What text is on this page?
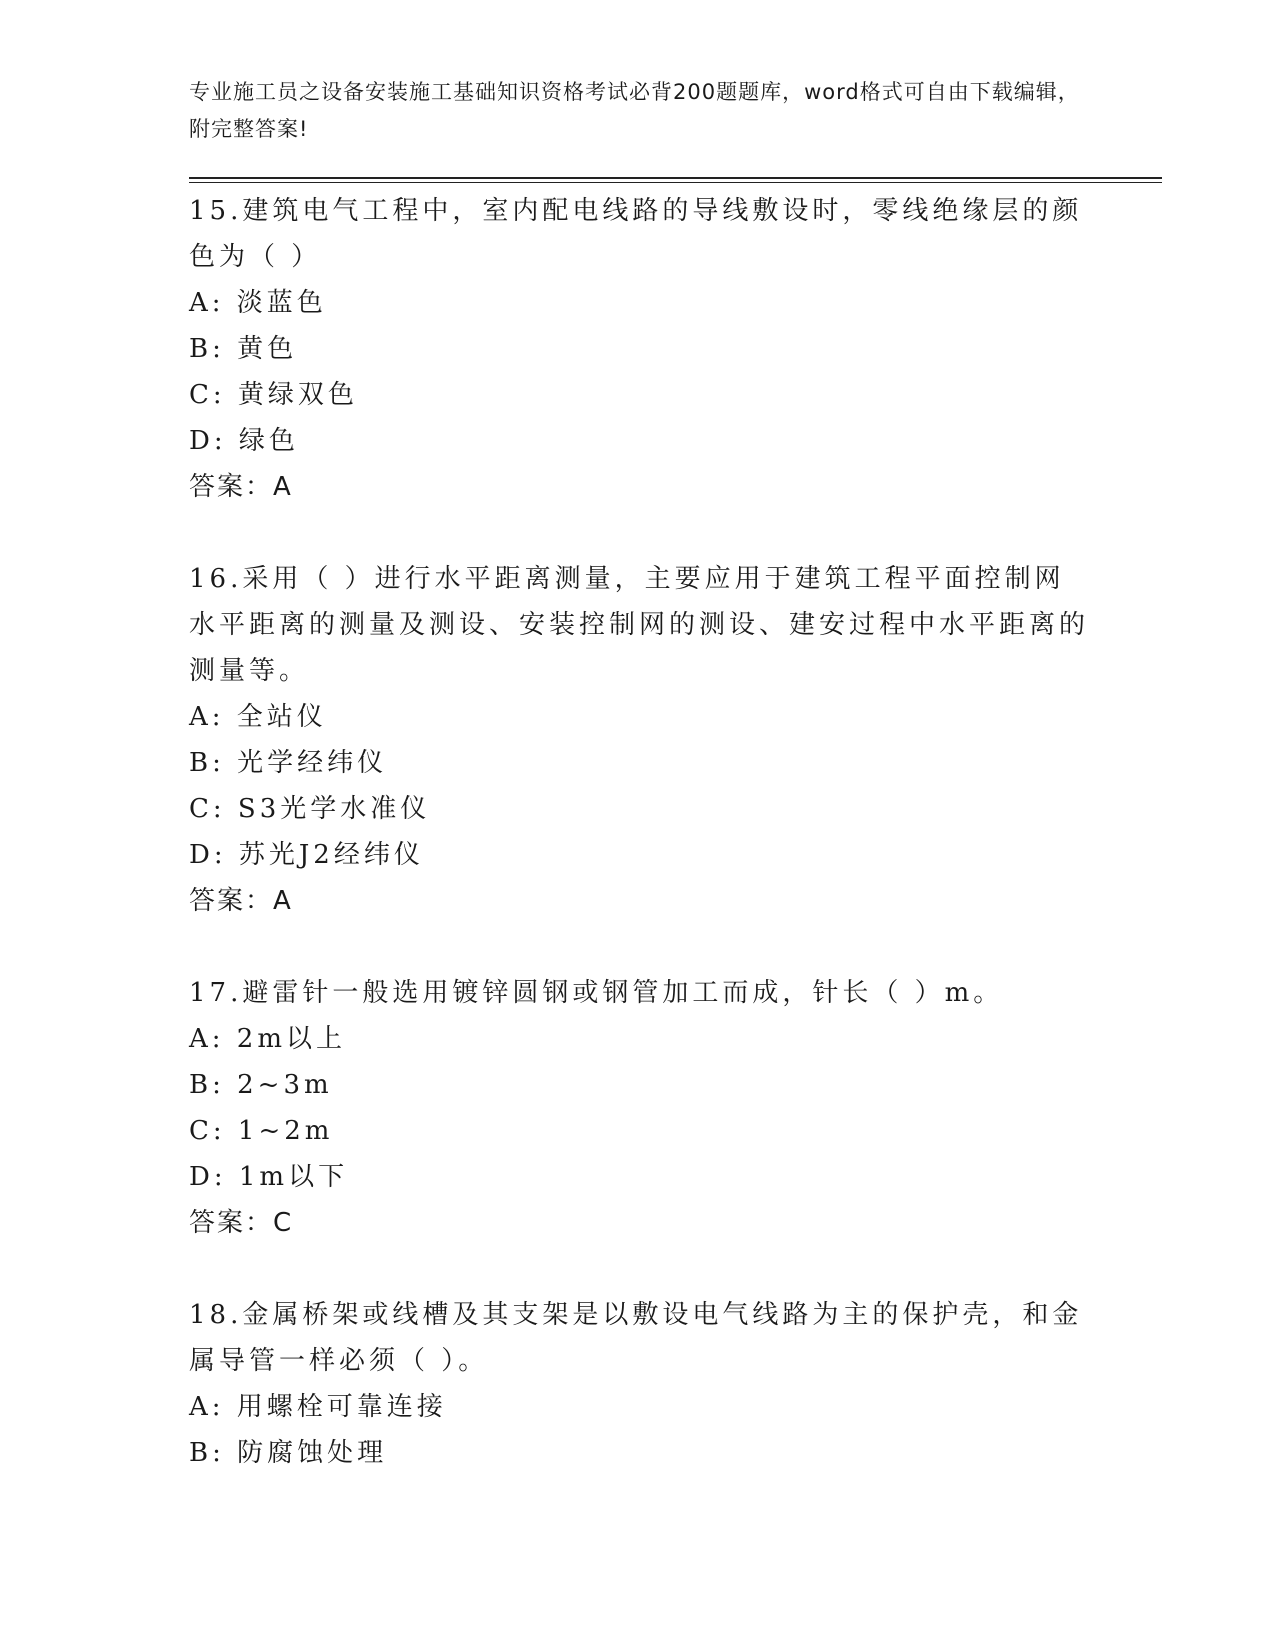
专业施工员之设备安装施工基础知识资格考试必背200题题库，word格式可自由下载编辑，附完整答案!
15.建筑电气工程中，室内配电线路的导线敷设时，零线绝缘层的颜色为（ ）
A: 淡蓝色
B: 黄色
C: 黄绿双色
D: 绿色
答案：A
16.采用（ ）进行水平距离测量，主要应用于建筑工程平面控制网水平距离的测量及测设、安装控制网的测设、建安过程中水平距离的测量等。
A: 全站仪
B: 光学经纬仪
C: S3光学水准仪
D: 苏光J2经纬仪
答案：A
17.避雷针一般选用镀锌圆钢或钢管加工而成，针长（ ）m。
A: 2m以上
B: 2~3m
C: 1~2m
D: 1m以下
答案：C
18.金属桥架或线槽及其支架是以敷设电气线路为主的保护壳，和金属导管一样必须（ ）。
A: 用螺栓可靠连接
B: 防腐蚀处理
